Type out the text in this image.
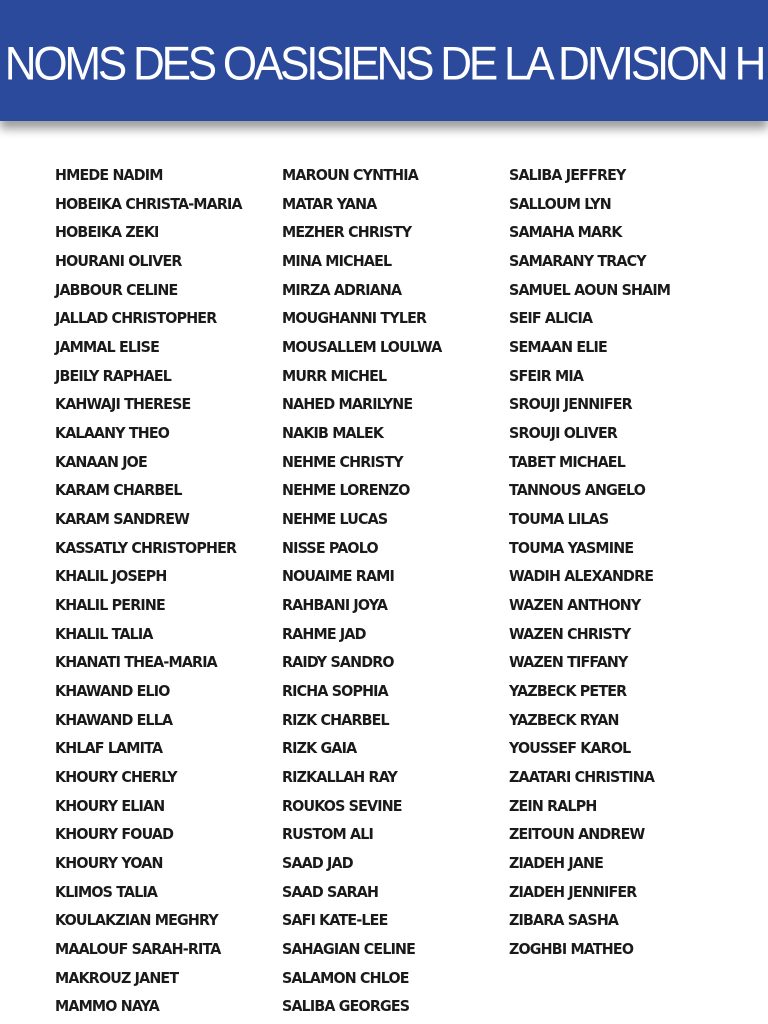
NOMS DES OASISIENS DE LA DIVISION H
HMEDE NADIM
HOBEIKA CHRISTA-MARIA
HOBEIKA ZEKI
HOURANI OLIVER
JABBOUR CELINE
JALLAD CHRISTOPHER
JAMMAL ELISE
JBEILY RAPHAEL
KAHWAJI THERESE
KALAANY THEO
KANAAN JOE
KARAM CHARBEL
KARAM SANDREW
KASSATLY CHRISTOPHER
KHALIL JOSEPH
KHALIL PERINE
KHALIL TALIA
KHANATI THEA-MARIA
KHAWAND ELIO
KHAWAND ELLA
KHLAF LAMITA
KHOURY CHERLY
KHOURY ELIAN
KHOURY FOUAD
KHOURY YOAN
KLIMOS TALIA
KOULAKZIAN MEGHRY
MAALOUF SARAH-RITA
MAKROUZ JANET
MAMMO NAYA
MAROUN CYNTHIA
MATAR YANA
MEZHER CHRISTY
MINA MICHAEL
MIRZA ADRIANA
MOUGHANNI TYLER
MOUSALLEM LOULWA
MURR MICHEL
NAHED MARILYNE
NAKIB MALEK
NEHME CHRISTY
NEHME LORENZO
NEHME LUCAS
NISSE PAOLO
NOUAIME RAMI
RAHBANI JOYA
RAHME JAD
RAIDY SANDRO
RICHA SOPHIA
RIZK CHARBEL
RIZK GAIA
RIZKALLAH RAY
ROUKOS SEVINE
RUSTOM ALI
SAAD JAD
SAAD SARAH
SAFI KATE-LEE
SAHAGIAN CELINE
SALAMON CHLOE
SALIBA GEORGES
SALIBA JEFFREY
SALLOUM LYN
SAMAHA MARK
SAMARANY TRACY
SAMUEL AOUN SHAIM
SEIF ALICIA
SEMAAN ELIE
SFEIR MIA
SROUJI JENNIFER
SROUJI OLIVER
TABET MICHAEL
TANNOUS ANGELO
TOUMA LILAS
TOUMA YASMINE
WADIH ALEXANDRE
WAZEN ANTHONY
WAZEN CHRISTY
WAZEN TIFFANY
YAZBECK PETER
YAZBECK RYAN
YOUSSEF KAROL
ZAATARI CHRISTINA
ZEIN RALPH
ZEITOUN ANDREW
ZIADEH JANE
ZIADEH JENNIFER
ZIBARA SASHA
ZOGHBI MATHEO
